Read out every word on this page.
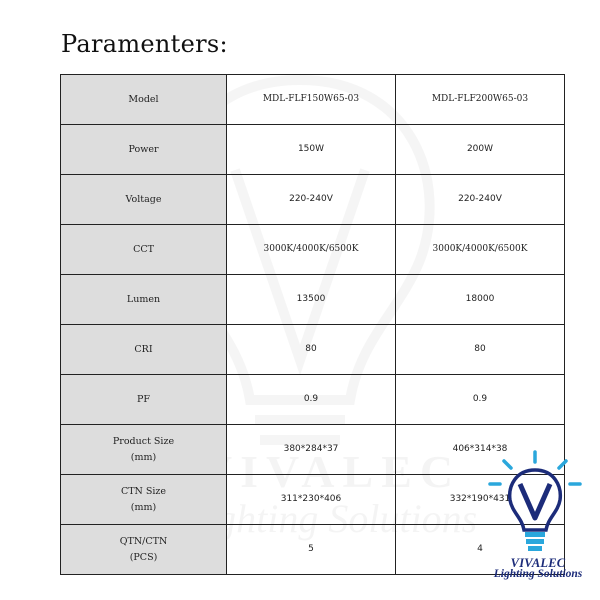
Paramenters:
Model	MDL-FLF150W65-03	MDL-FLF200W65-03
Power	150W	200W
Voltage	220-240V	220-240V
CCT	3000K/4000K/6500K	3000K/4000K/6500K
Lumen	13500	18000
CRI	80	80
PF	0.9	0.9
Product Size
(mm)	380*284*37	406*314*38
CTN Size
(mm)	311*230*406	332*190*431
QTN/CTN
(PCS)	5	4
VIVALEC
Lighting Solutions
